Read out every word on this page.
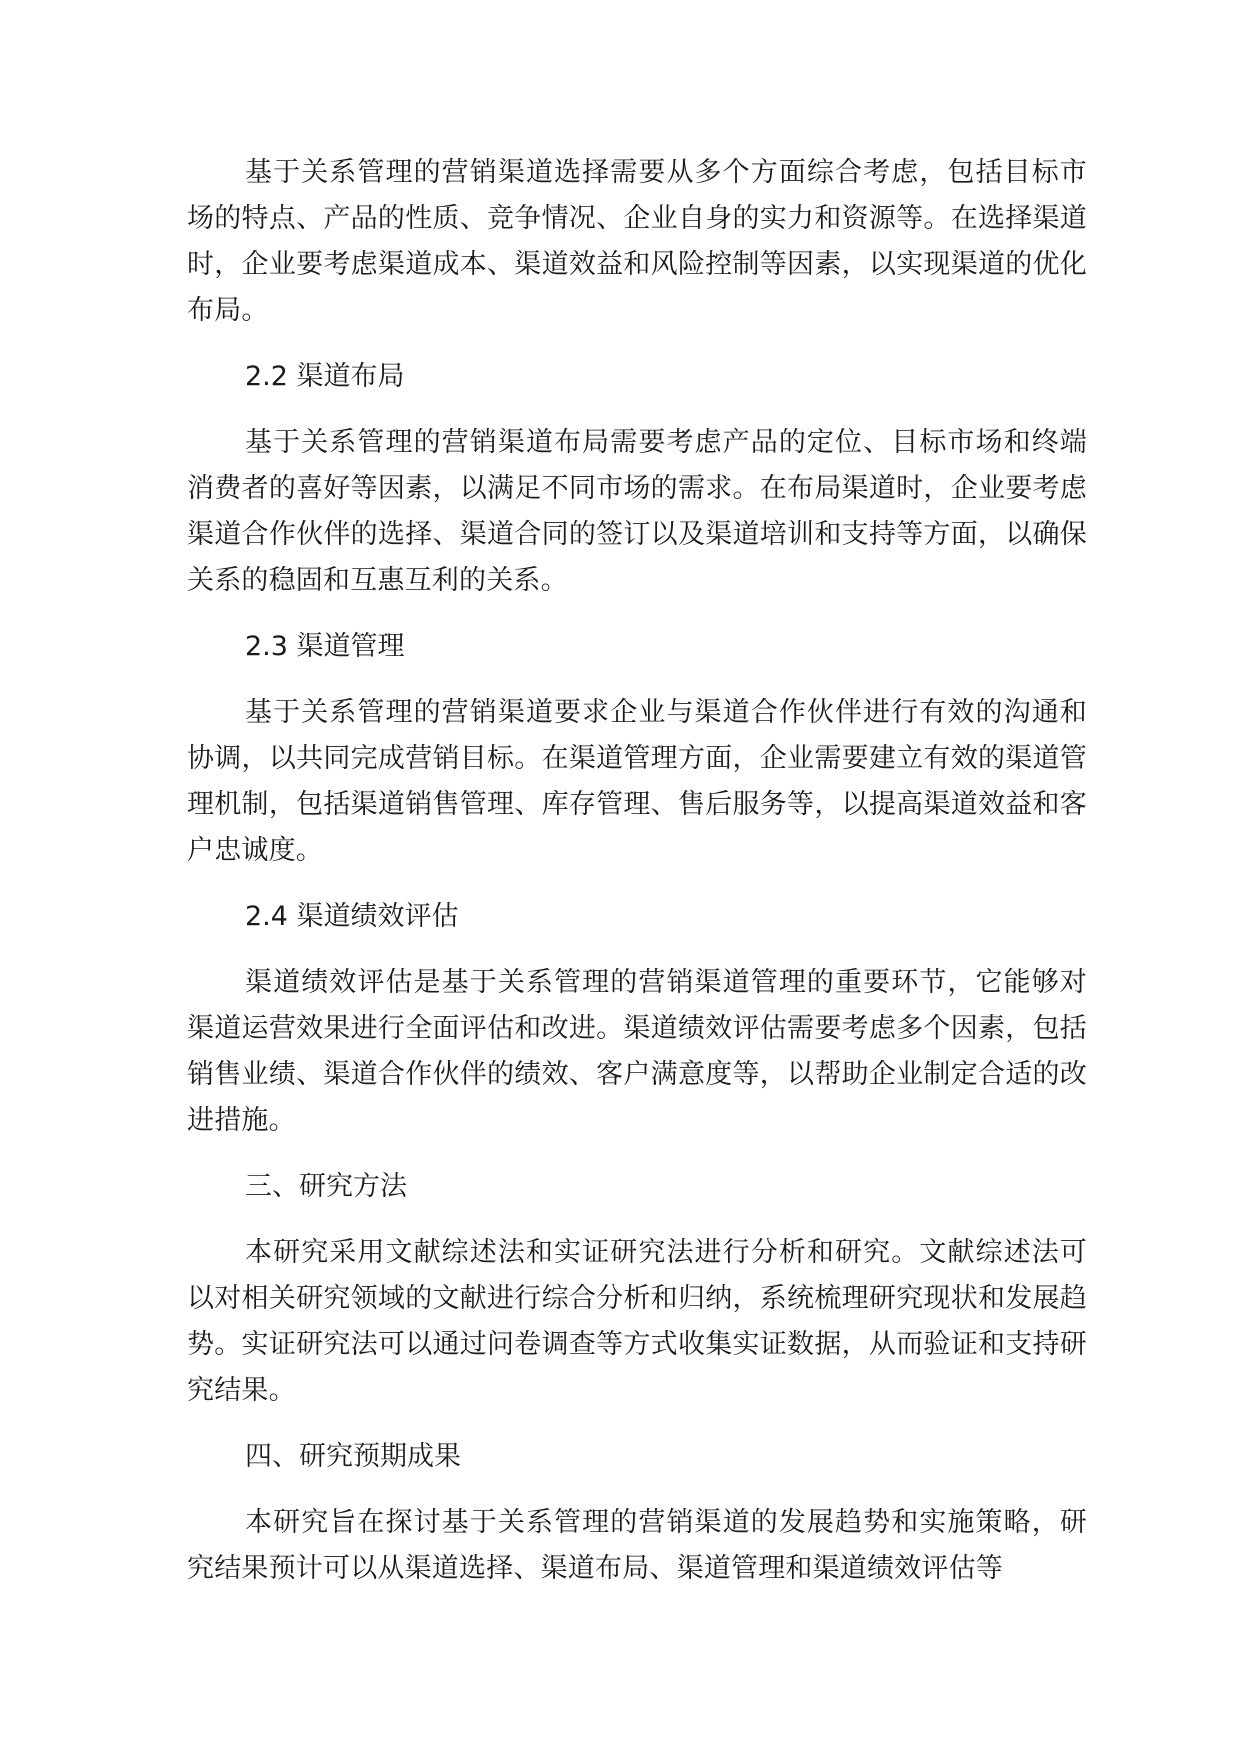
基于关系管理的营销渠道选择需要从多个方面综合考虑，包括目标市场的特点、产品的性质、竞争情况、企业自身的实力和资源等。在选择渠道时，企业要考虑渠道成本、渠道效益和风险控制等因素，以实现渠道的优化布局。

2.2 渠道布局

基于关系管理的营销渠道布局需要考虑产品的定位、目标市场和终端消费者的喜好等因素，以满足不同市场的需求。在布局渠道时，企业要考虑渠道合作伙伴的选择、渠道合同的签订以及渠道培训和支持等方面，以确保关系的稳固和互惠互利的关系。

2.3 渠道管理

基于关系管理的营销渠道要求企业与渠道合作伙伴进行有效的沟通和协调，以共同完成营销目标。在渠道管理方面，企业需要建立有效的渠道管理机制，包括渠道销售管理、库存管理、售后服务等，以提高渠道效益和客户忠诚度。

2.4 渠道绩效评估

渠道绩效评估是基于关系管理的营销渠道管理的重要环节，它能够对渠道运营效果进行全面评估和改进。渠道绩效评估需要考虑多个因素，包括销售业绩、渠道合作伙伴的绩效、客户满意度等，以帮助企业制定合适的改进措施。

三、研究方法

本研究采用文献综述法和实证研究法进行分析和研究。文献综述法可以对相关研究领域的文献进行综合分析和归纳，系统梳理研究现状和发展趋势。实证研究法可以通过问卷调查等方式收集实证数据，从而验证和支持研究结果。

四、研究预期成果

本研究旨在探讨基于关系管理的营销渠道的发展趋势和实施策略，研究结果预计可以从渠道选择、渠道布局、渠道管理和渠道绩效评估等
